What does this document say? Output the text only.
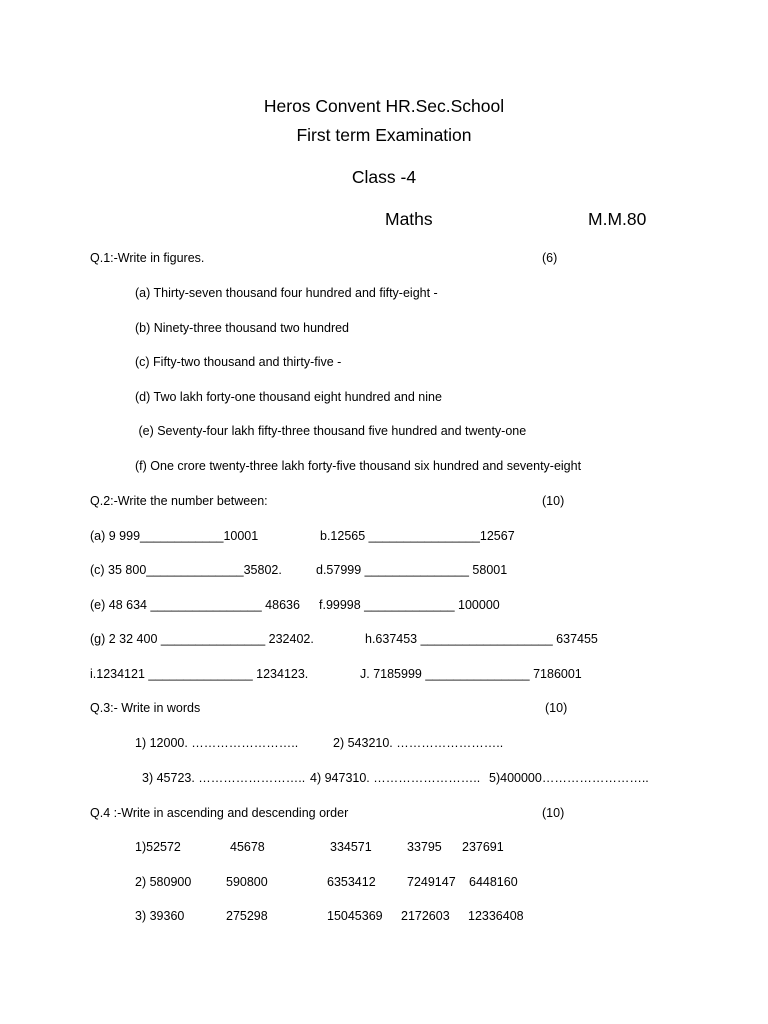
Heros Convent HR.Sec.School
First term Examination
Class -4
Maths	M.M.80
Q.1:-Write in figures.	(6)
(a) Thirty-seven thousand four hundred and fifty-eight -
(b) Ninety-three thousand two hundred
(c) Fifty-two thousand and thirty-five -
(d) Two lakh forty-one thousand eight hundred and nine
(e) Seventy-four lakh fifty-three thousand five hundred and twenty-one
(f) One crore twenty-three lakh forty-five thousand six hundred and seventy-eight
Q.2:-Write the number between:	(10)
(a) 9 999____________10001	b.12565 ________________12567
(c) 35 800______________35802.	d.57999 _______________ 58001
(e) 48 634 ________________ 48636 f.99998 _____________ 100000
(g) 2 32 400 _______________ 232402.	h.637453 ___________________ 637455
i.1234121 _______________ 1234123.	J. 7185999 _______________ 7186001
Q.3:- Write in words	(10)
1) 12000. ……………………..	2) 543210. ……………………..
3) 45723. …………………….. 4) 947310. …………………….. 5)400000……………………..
Q.4 :-Write in ascending and descending order	(10)
1)52572	45678	334571	33795 237691
2) 580900	590800	6353412	7249147 6448160
3) 39360	275298	15045369 2172603 12336408
